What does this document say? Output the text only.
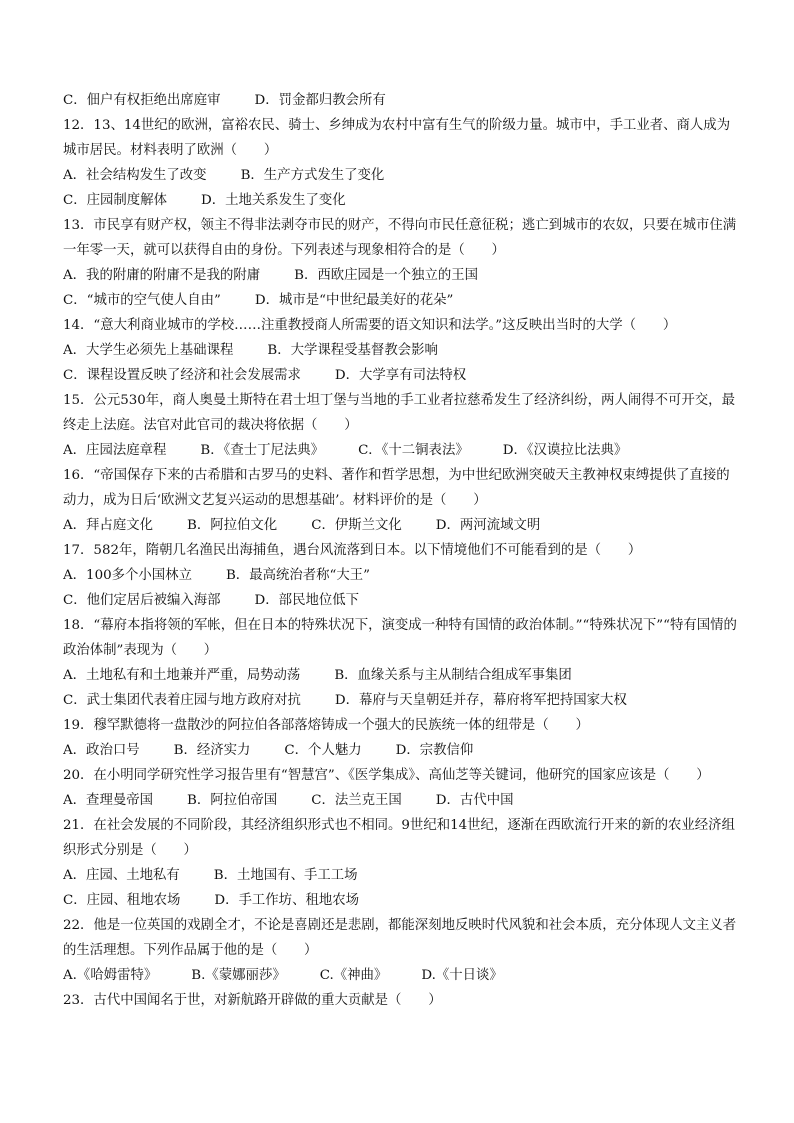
C．佃户有权拒绝出席庭审	D．罚金都归教会所有
12．13、14世纪的欧洲，富裕农民、骑士、乡绅成为农村中富有生气的阶级力量。城市中，手工业者、商人成为城市居民。材料表明了欧洲（　　）
A．社会结构发生了改变	B．生产方式发生了变化
C．庄园制度解体	D．土地关系发生了变化
13．市民享有财产权，领主不得非法剥夺市民的财产，不得向市民任意征税；逃亡到城市的农奴，只要在城市住满一年零一天，就可以获得自由的身份。下列表述与现象相符合的是（　　）
A．我的附庸的附庸不是我的附庸	B．西欧庄园是一个独立的王国
C．“城市的空气使人自由”	D．城市是“中世纪最美好的花朵”
14．“意大利商业城市的学校……注重教授商人所需要的语文知识和法学。”这反映出当时的大学（　　）
A．大学生必须先上基础课程	B．大学课程受基督教会影响
C．课程设置反映了经济和社会发展需求	D．大学享有司法特权
15．公元530年，商人奥曼土斯特在君士坦丁堡与当地的手工业者拉慈希发生了经济纠纷，两人闹得不可开交，最终走上法庭。法官对此官司的裁决将依据（　　）
A．庄园法庭章程	B．《查士丁尼法典》	C．《十二铜表法》	D．《汉谟拉比法典》
16．“帝国保存下来的古希腊和古罗马的史料、著作和哲学思想，为中世纪欧洲突破天主教神权束缚提供了直接的动力，成为日后‘欧洲文艺复兴运动的思想基础’。材料评价的是（　　）
A．拜占庭文化	B．阿拉伯文化	C．伊斯兰文化	D．两河流域文明
17．582年，隋朝几名渔民出海捕鱼，遇台风流落到日本。以下情境他们不可能看到的是（　　）
A．100多个小国林立	B．最高统治者称“大王”
C．他们定居后被编入海部	D．部民地位低下
18．“幕府本指将领的军帐，但在日本的特殊状况下，演变成一种特有国情的政治体制。”“特殊状况下”“特有国情的政治体制”表现为（　　）
A．土地私有和土地兼并严重，局势动荡	B．血缘关系与主从制结合组成军事集团
C．武士集团代表着庄园与地方政府对抗	D．幕府与天皇朝廷并存，幕府将军把持国家大权
19．穆罕默德将一盘散沙的阿拉伯各部落熔铸成一个强大的民族统一体的纽带是（　　）
A．政治口号	B．经济实力	C．个人魅力	D．宗教信仰
20．在小明同学研究性学习报告里有“智慧宫”、《医学集成》、高仙芝等关键词，他研究的国家应该是（　　）
A．查理曼帝国	B．阿拉伯帝国	C．法兰克王国	D．古代中国
21．在社会发展的不同阶段，其经济组织形式也不相同。9世纪和14世纪，逐渐在西欧流行开来的新的农业经济组织形式分别是（　　）
A．庄园、土地私有	B．土地国有、手工工场
C．庄园、租地农场	D．手工作坊、租地农场
22．他是一位英国的戏剧全才，不论是喜剧还是悲剧，都能深刻地反映时代风貌和社会本质，充分体现人文主义者的生活理想。下列作品属于他的是（　　）
A.《哈姆雷特》	B.《蒙娜丽莎》	C.《神曲》	D.《十日谈》
23．古代中国闻名于世，对新航路开辟做的重大贡献是（　　）
